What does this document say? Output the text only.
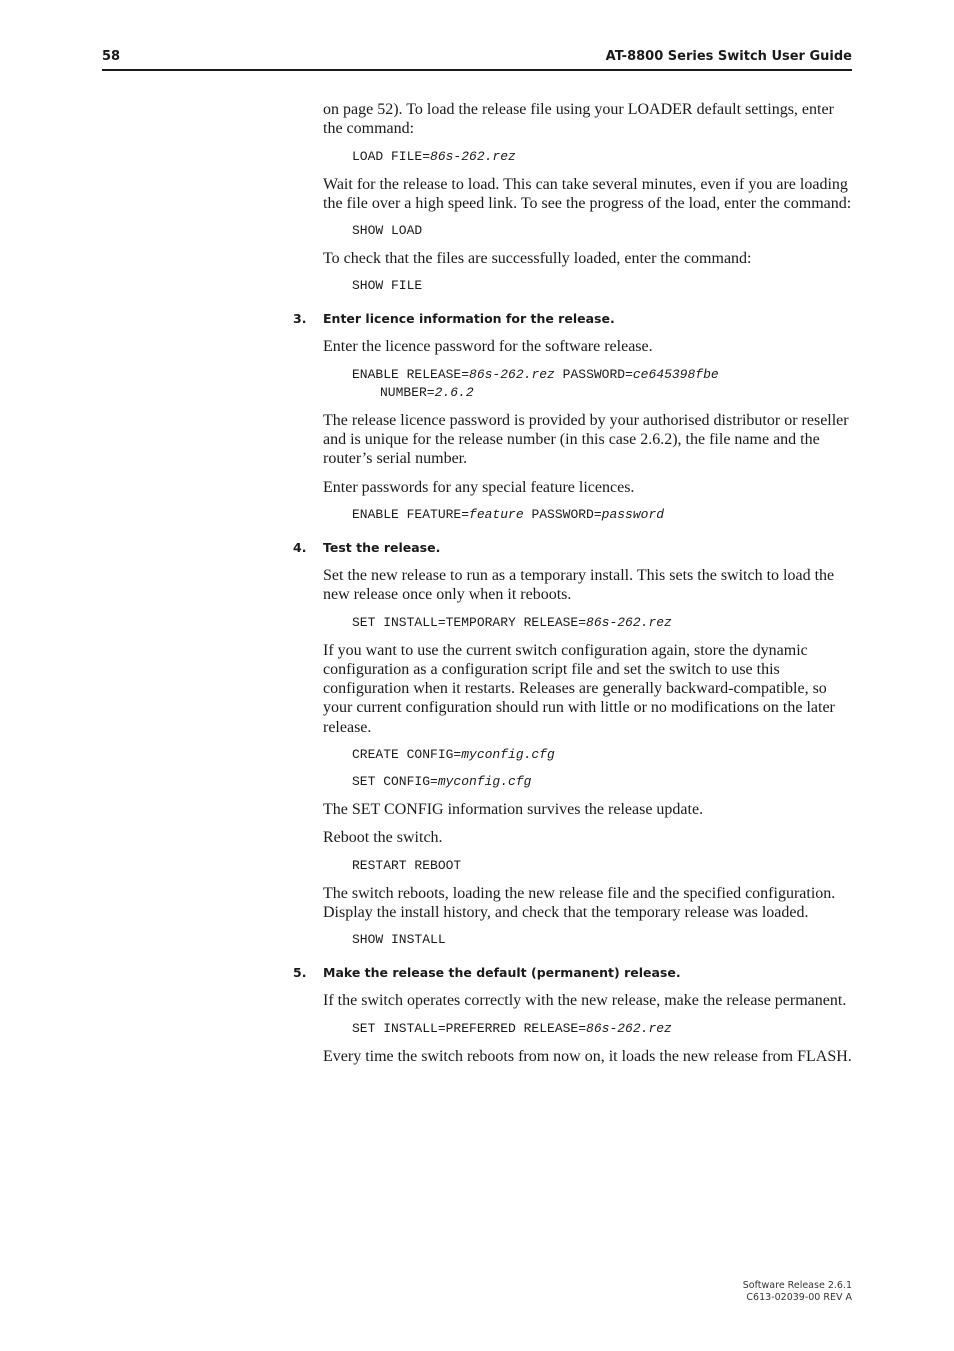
58	AT-8800 Series Switch User Guide

on page 52). To load the release file using your LOADER default settings, enter the command:

LOAD FILE=86s-262.rez

Wait for the release to load. This can take several minutes, even if you are loading the file over a high speed link. To see the progress of the load, enter the command:

SHOW LOAD

To check that the files are successfully loaded, enter the command:

SHOW FILE
3. Enter licence information for the release.

Enter the licence password for the software release.

ENABLE RELEASE=86s-262.rez PASSWORD=ce645398fbe
NUMBER=2.6.2

The release licence password is provided by your authorised distributor or reseller and is unique for the release number (in this case 2.6.2), the file name and the router’s serial number.

Enter passwords for any special feature licences.

ENABLE FEATURE=feature PASSWORD=password
4. Test the release.

Set the new release to run as a temporary install. This sets the switch to load the new release once only when it reboots.

SET INSTALL=TEMPORARY RELEASE=86s-262.rez

If you want to use the current switch configuration again, store the dynamic configuration as a configuration script file and set the switch to use this configuration when it restarts. Releases are generally backward-compatible, so your current configuration should run with little or no modifications on the later release.

CREATE CONFIG=myconfig.cfg
SET CONFIG=myconfig.cfg

The SET CONFIG information survives the release update.

Reboot the switch.

RESTART REBOOT

The switch reboots, loading the new release file and the specified configuration. Display the install history, and check that the temporary release was loaded.

SHOW INSTALL
5. Make the release the default (permanent) release.

If the switch operates correctly with the new release, make the release permanent.

SET INSTALL=PREFERRED RELEASE=86s-262.rez

Every time the switch reboots from now on, it loads the new release from FLASH.

Software Release 2.6.1
C613-02039-00 REV A
